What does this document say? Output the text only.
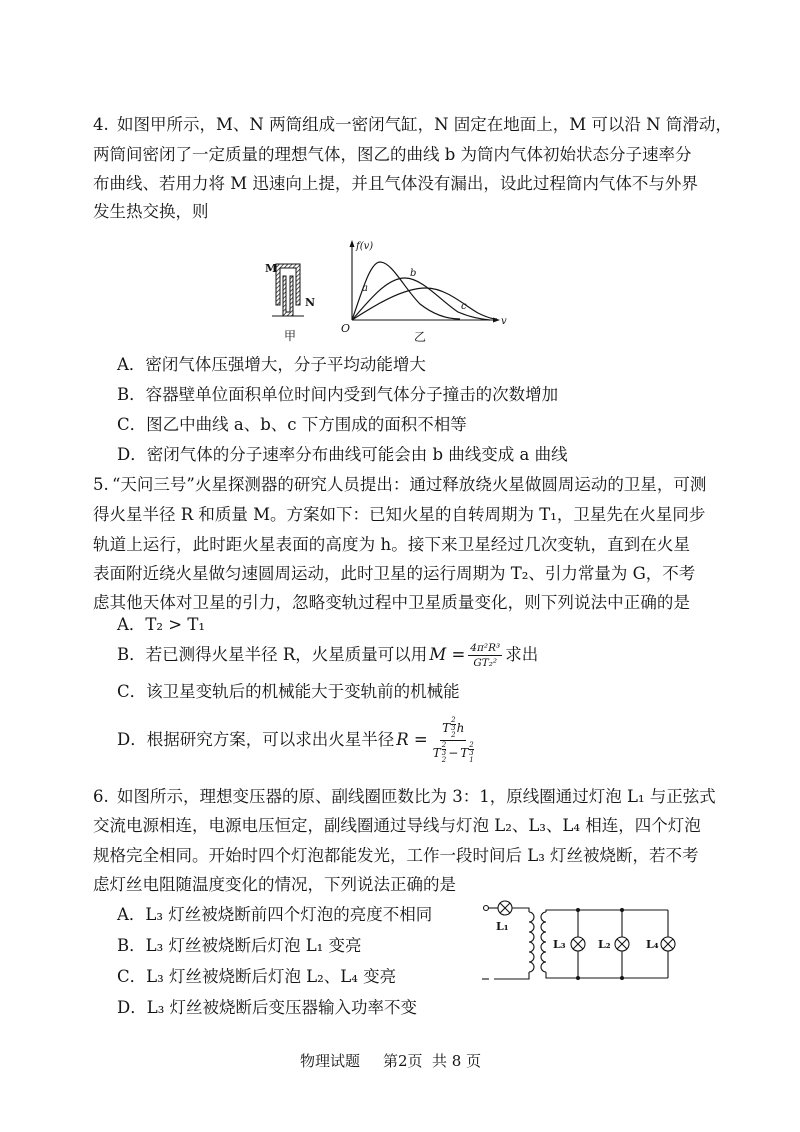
4. 如图甲所示，M、N 两筒组成一密闭气缸，N 固定在地面上，M 可以沿 N 筒滑动，
两筒间密闭了一定质量的理想气体，图乙的曲线 b 为筒内气体初始状态分子速率分
布曲线、若用力将 M 迅速向上提，并且气体没有漏出，设此过程筒内气体不与外界
发生热交换，则
M
N
甲
f(v)
O
v
a
b
c
乙
A．密闭气体压强增大，分子平均动能增大
B．容器壁单位面积单位时间内受到气体分子撞击的次数增加
C．图乙中曲线 a、b、c 下方围成的面积不相等
D．密闭气体的分子速率分布曲线可能会由 b 曲线变成 a 曲线
5. “天问三号”火星探测器的研究人员提出：通过释放绕火星做圆周运动的卫星，可测
得火星半径 R 和质量 M。方案如下：已知火星的自转周期为 T₁，卫星先在火星同步
轨道上运行，此时距火星表面的高度为 h。接下来卫星经过几次变轨，直到在火星
表面附近绕火星做匀速圆周运动，此时卫星的运行周期为 T₂、引力常量为 G，不考
虑其他天体对卫星的引力，忽略变轨过程中卫星质量变化，则下列说法中正确的是
A．T₂ > T₁
B． 若已测得火星半径 R，火星质量可以用 $M = \frac{\text{4π²R³}}{\text{GT₂²}}$ 求出
C．该卫星变轨后的机械能大于变轨前的机械能
D． 根据研究方案，可以求出火星半径 R =
T $\frac{2}{3}$
2 h
T $\frac{2}{3}$
2 − T $\frac{2}{3}$
1
6. 如图所示，理想变压器的原、副线圈匝数比为 3：1，原线圈通过灯泡 L₁ 与正弦式
交流电源相连，电源电压恒定，副线圈通过导线与灯泡 L₂、L₃、L₄ 相连，四个灯泡
规格完全相同。开始时四个灯泡都能发光，工作一段时间后 L₃ 灯丝被烧断，若不考
虑灯丝电阻随温度变化的情况，下列说法正确的是
A．L₃ 灯丝被烧断前四个灯泡的亮度不相同
B．L₃ 灯丝被烧断后灯泡 L₁ 变亮
C．L₃ 灯丝被烧断后灯泡 L₂、L₄ 变亮
D．L₃ 灯丝被烧断后变压器输入功率不变
L₁
L₃	L₂	L₄
物理试题 第2页 共 8 页
